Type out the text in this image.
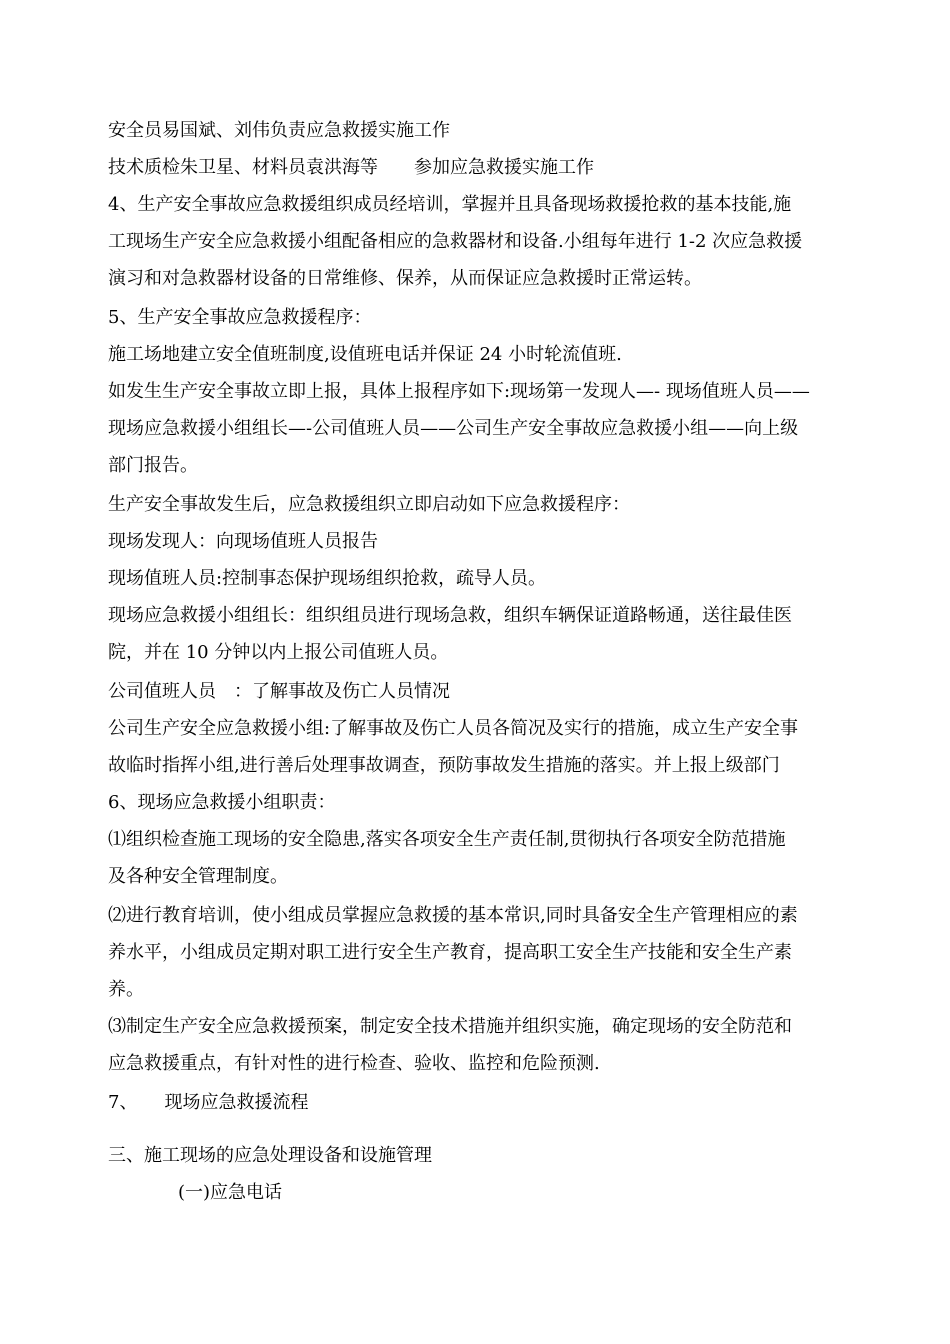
安全员易国斌、刘伟负责应急救援实施工作
技术质检朱卫星、材料员袁洪海等　　参加应急救援实施工作
4、生产安全事故应急救援组织成员经培训，掌握并且具备现场救援抢救的基本技能,施
工现场生产安全应急救援小组配备相应的急救器材和设备.小组每年进行 1-2 次应急救援
演习和对急救器材设备的日常维修、保养，从而保证应急救援时正常运转。
5、生产安全事故应急救援程序：
施工场地建立安全值班制度,设值班电话并保证 24 小时轮流值班.
如发生生产安全事故立即上报，具体上报程序如下:现场第一发现人—- 现场值班人员——
现场应急救援小组组长—-公司值班人员——公司生产安全事故应急救援小组——向上级
部门报告。
生产安全事故发生后，应急救援组织立即启动如下应急救援程序：
现场发现人：向现场值班人员报告
现场值班人员:控制事态保护现场组织抢救，疏导人员。
现场应急救援小组组长：组织组员进行现场急救，组织车辆保证道路畅通，送往最佳医
院，并在 10 分钟以内上报公司值班人员。
公司值班人员　：了解事故及伤亡人员情况
公司生产安全应急救援小组:了解事故及伤亡人员各简况及实行的措施，成立生产安全事
故临时指挥小组,进行善后处理事故调查，预防事故发生措施的落实。并上报上级部门
6、现场应急救援小组职责：
⑴组织检查施工现场的安全隐患,落实各项安全生产责任制,贯彻执行各项安全防范措施
及各种安全管理制度。
⑵进行教育培训，使小组成员掌握应急救援的基本常识,同时具备安全生产管理相应的素
养水平，小组成员定期对职工进行安全生产教育，提高职工安全生产技能和安全生产素
养。
⑶制定生产安全应急救援预案，制定安全技术措施并组织实施，确定现场的安全防范和
应急救援重点，有针对性的进行检查、验收、监控和危险预测.
7、　　现场应急救援流程
三、施工现场的应急处理设备和设施管理
(一)应急电话
